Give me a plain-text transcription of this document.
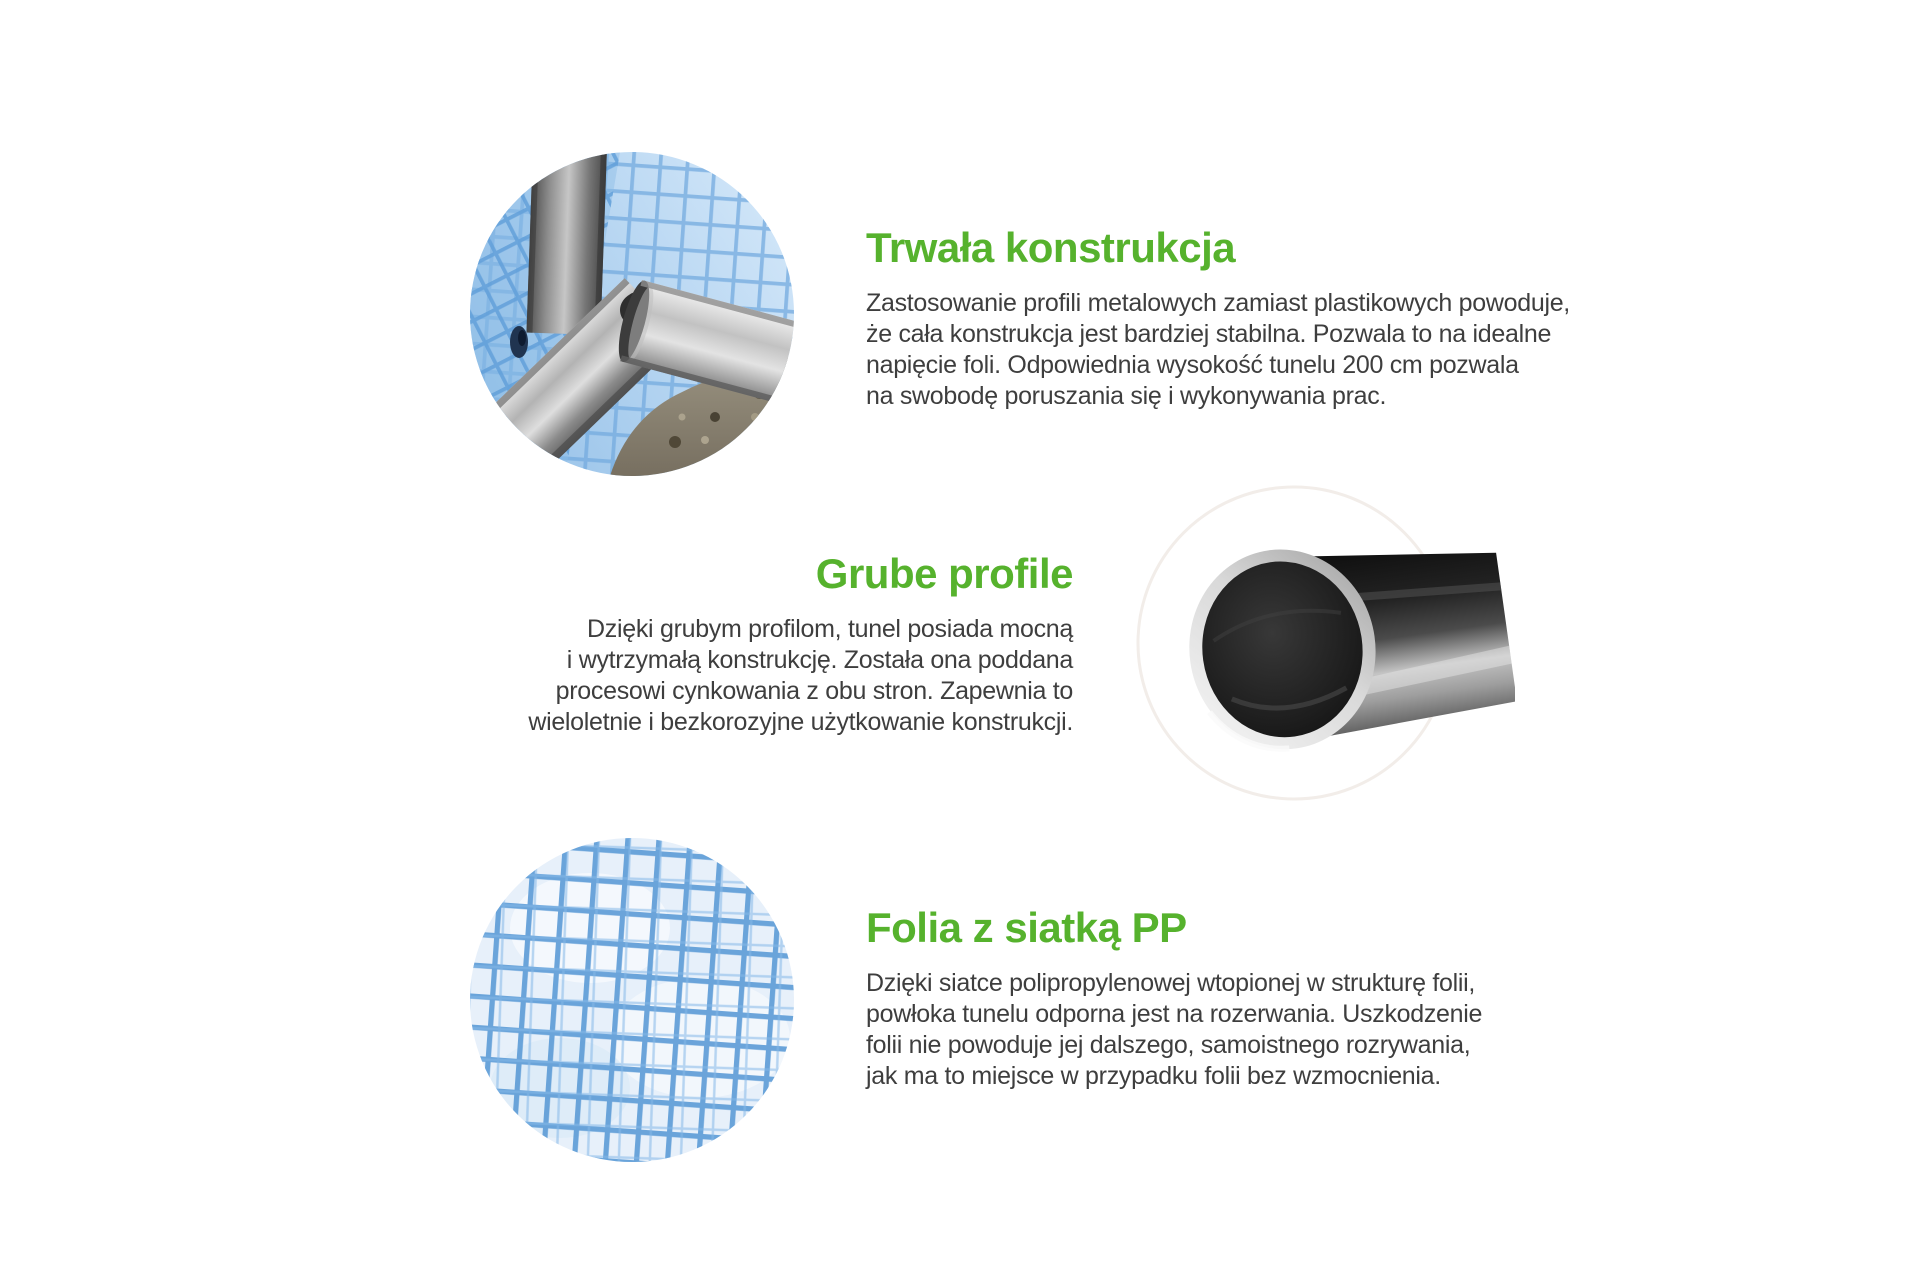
Trwała konstrukcja
Zastosowanie profili metalowych zamiast plastikowych powoduje,
że cała konstrukcja jest bardziej stabilna. Pozwala to na idealne
napięcie foli. Odpowiednia wysokość tunelu 200 cm pozwala
na swobodę poruszania się i wykonywania prac.
Grube profile
Dzięki grubym profilom, tunel posiada mocną
i wytrzymałą konstrukcję. Została ona poddana
procesowi cynkowania z obu stron. Zapewnia to
wieloletnie i bezkorozyjne użytkowanie konstrukcji.
Folia z siatką PP
Dzięki siatce polipropylenowej wtopionej w strukturę folii,
powłoka tunelu odporna jest na rozerwania. Uszkodzenie
folii nie powoduje jej dalszego, samoistnego rozrywania,
jak ma to miejsce w przypadku folii bez wzmocnienia.
